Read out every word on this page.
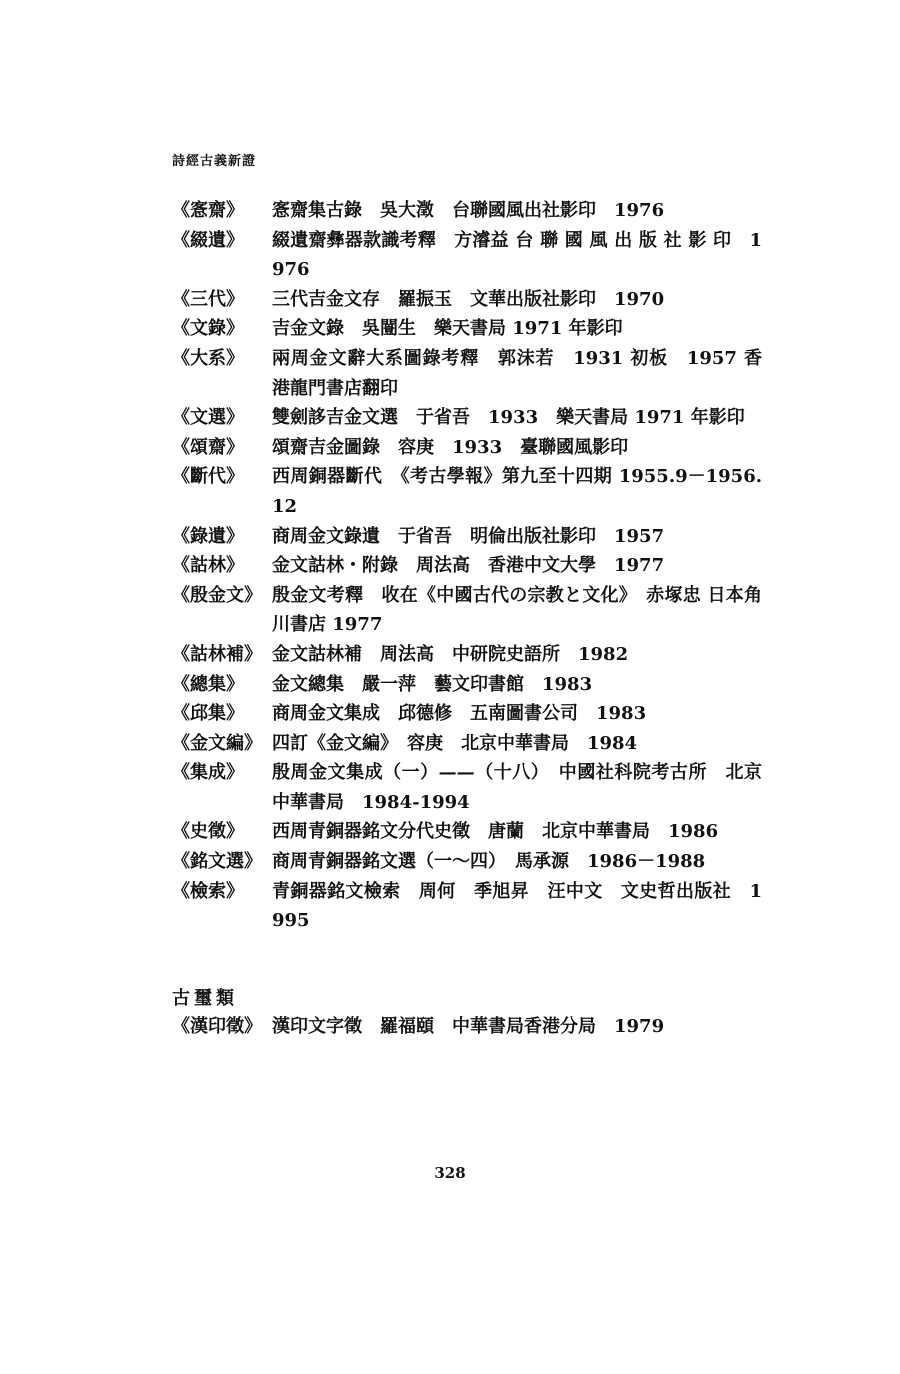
詩經古義新證
《愙齋》	愙齋集古錄　吳大澂　台聯國風出社影印　1976
《綴遺》	綴遺齋彝器款識考釋　方濬益 台 聯 國 風 出 版 社 影 印　1976
《三代》	三代吉金文存　羅振玉　文華出版社影印　1970
《文錄》	吉金文錄　吳闓生　樂天書局 1971 年影印
《大系》	兩周金文辭大系圖錄考釋　郭沫若　1931 初板　1957 香港龍門書店翻印
《文選》	雙劍誃吉金文選　于省吾　1933　樂天書局 1971 年影印
《頌齋》	頌齋吉金圖錄　容庚　1933　臺聯國風影印
《斷代》	西周銅器斷代　《考古學報》第九至十四期 1955.9－1956.12
《錄遺》	商周金文錄遺　于省吾　明倫出版社影印　1957
《詁林》	金文詁林・附錄　周法高　香港中文大學　1977
《殷金文》 殷金文考釋　收在《中國古代の宗教と文化》　赤塚忠 日本角川書店 1977
《詁林補》 金文詁林補　周法高　中研院史語所　1982
《總集》	金文總集　嚴一萍　藝文印書館　1983
《邱集》	商周金文集成　邱德修　五南圖書公司　1983
《金文編》 四訂《金文編》　容庚　北京中華書局　1984
《集成》	殷周金文集成（一）——（十八）　中國社科院考古所　北京中華書局　1984-1994
《史徵》	西周青銅器銘文分代史徵　唐蘭　北京中華書局　1986
《銘文選》 商周青銅器銘文選（一～四）　馬承源　1986－1988
《檢索》	青銅器銘文檢索　周何　季旭昇　汪中文　文史哲出版社　1995
古璽類
《漢印徵》 漢印文字徵　羅福頤　中華書局香港分局　1979
328
